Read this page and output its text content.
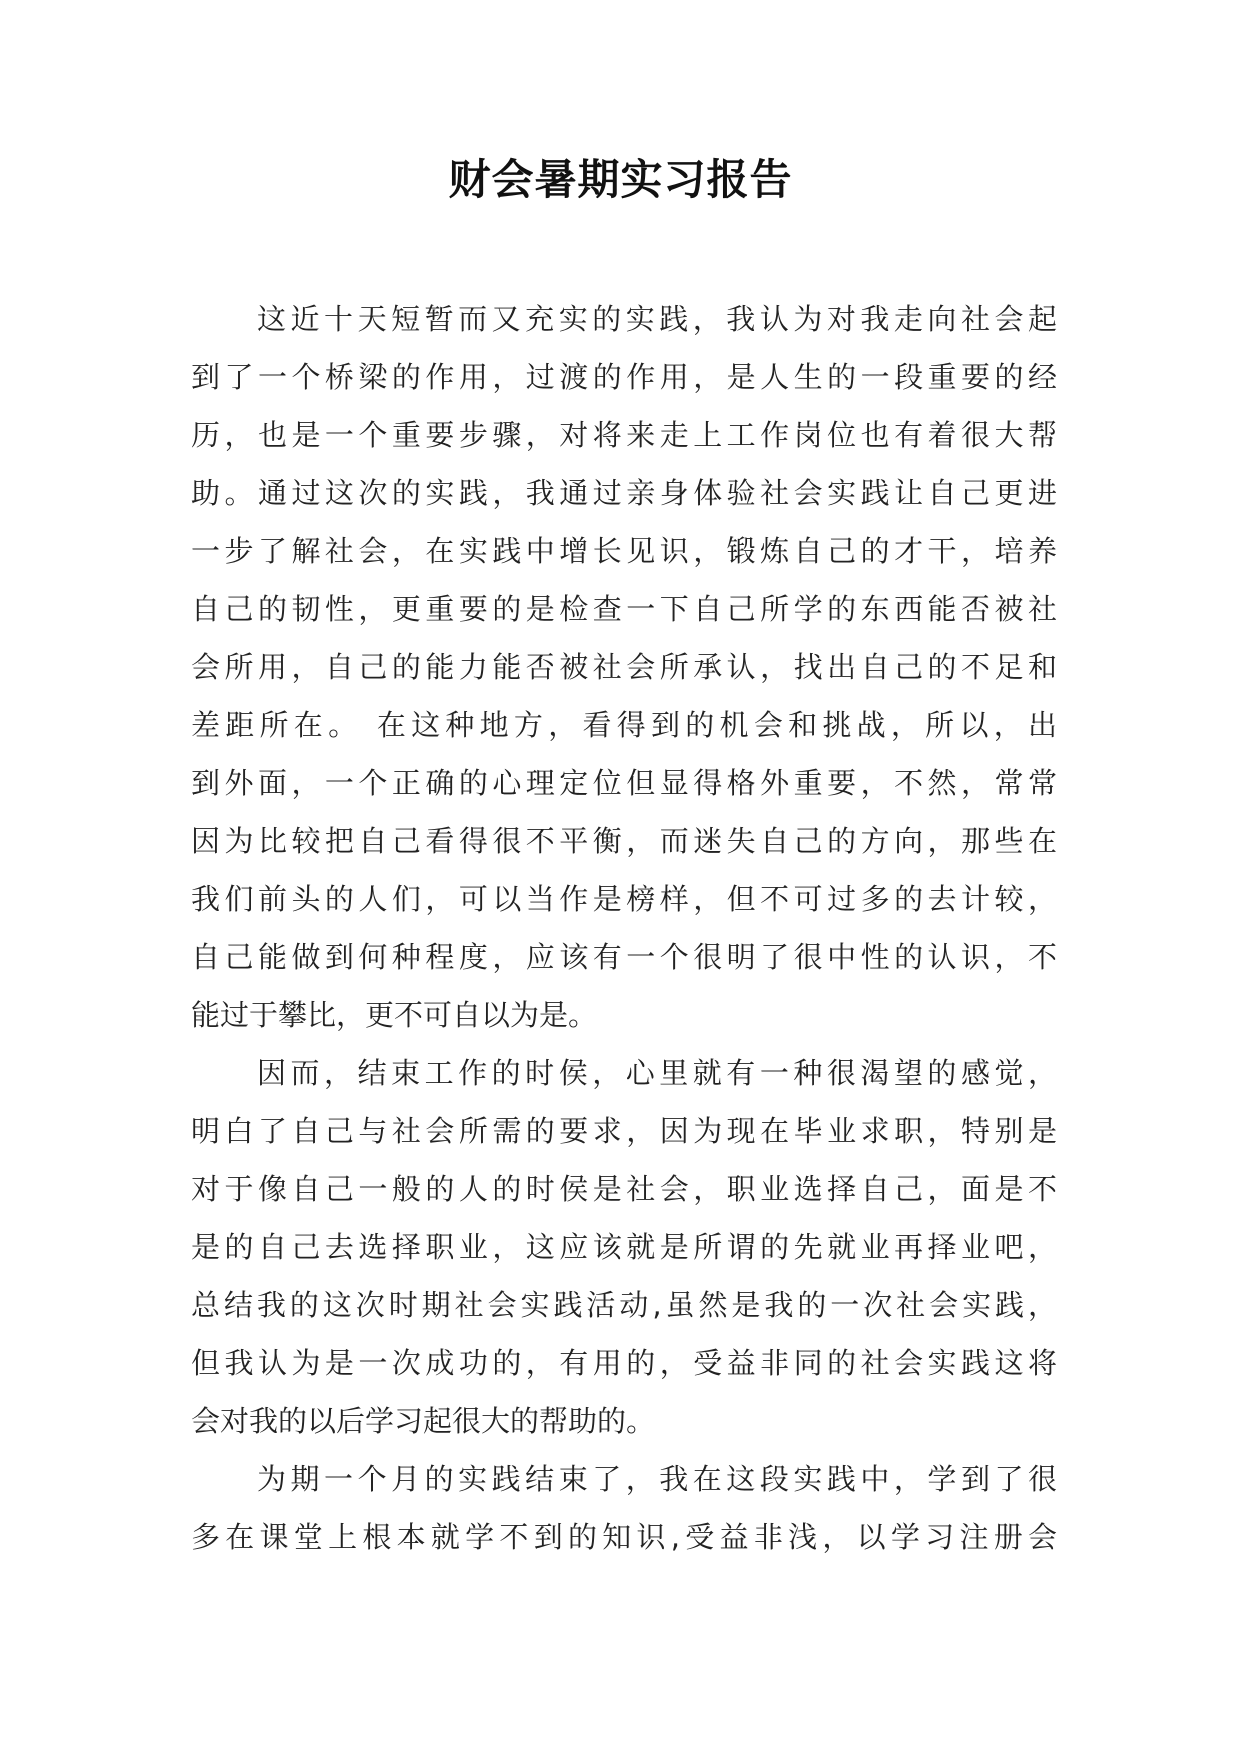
财会暑期实习报告
这近十天短暂而又充实的实践，我认为对我走向社会起
到了一个桥梁的作用，过渡的作用，是人生的一段重要的经
历，也是一个重要步骤，对将来走上工作岗位也有着很大帮
助。通过这次的实践，我通过亲身体验社会实践让自己更进
一步了解社会，在实践中增长见识，锻炼自己的才干，培养
自己的韧性，更重要的是检查一下自己所学的东西能否被社
会所用，自己的能力能否被社会所承认，找出自己的不足和
差距所在。 在这种地方，看得到的机会和挑战，所以，出
到外面，一个正确的心理定位但显得格外重要，不然，常常
因为比较把自己看得很不平衡，而迷失自己的方向，那些在
我们前头的人们，可以当作是榜样，但不可过多的去计较，
自己能做到何种程度，应该有一个很明了很中性的认识，不
能过于攀比，更不可自以为是。
因而，结束工作的时侯，心里就有一种很渴望的感觉，
明白了自己与社会所需的要求，因为现在毕业求职，特别是
对于像自己一般的人的时侯是社会，职业选择自己，面是不
是的自己去选择职业，这应该就是所谓的先就业再择业吧，
总结我的这次时期社会实践活动,虽然是我的一次社会实践，
但我认为是一次成功的，有用的，受益非同的社会实践这将
会对我的以后学习起很大的帮助的。
为期一个月的实践结束了，我在这段实践中，学到了很
多在课堂上根本就学不到的知识,受益非浅，以学习注册会
